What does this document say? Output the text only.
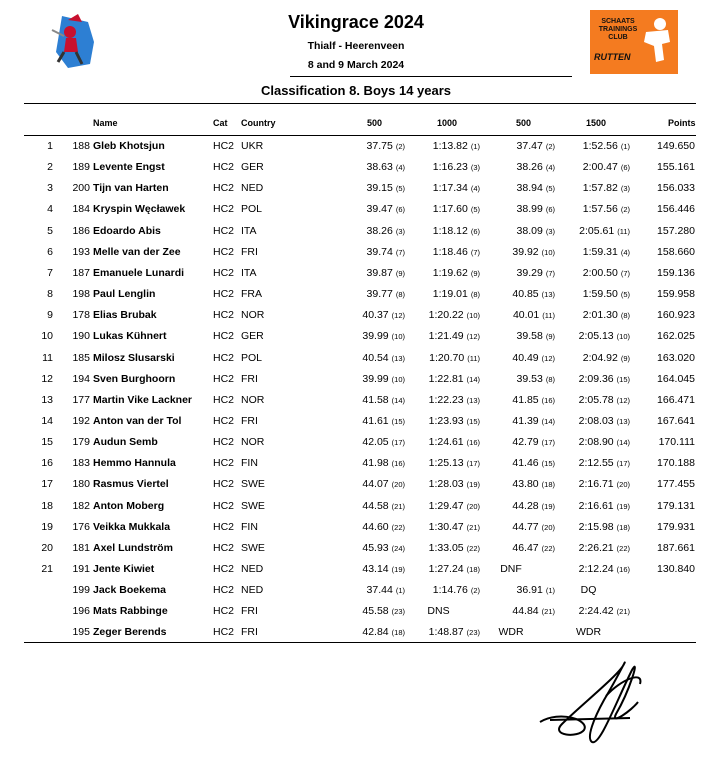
VIKING
RACE
2024
SCHAATS
TRAININGS
CLUB
RUTTEN
Vikingrace 2024
Thialf - Heerenveen
8 and 9 March 2024
Classification 8. Boys 14 years
Name	Cat Country	500	1000	500	1500	Points
1	188 Gleb Khotsjun	HC2 UKR	37.75 (2)	1:13.82 (1)	37.47 (2)	1:52.56 (1)	149.650
2	189 Levente Engst	HC2 GER	38.63 (4)	1:16.23 (3)	38.26 (4)	2:00.47 (6)	155.161
3	200 Tijn van Harten	HC2 NED	39.15 (5)	1:17.34 (4)	38.94 (5)	1:57.82 (3)	156.033
4	184 Kryspin Węcławek	HC2 POL	39.47 (6)	1:17.60 (5)	38.99 (6)	1:57.56 (2)	156.446
5	186 Edoardo Abis	HC2 ITA	38.26 (3)	1:18.12 (6)	38.09 (3)	2:05.61 (11)	157.280
6	193 Melle van der Zee	HC2 FRI	39.74 (7)	1:18.46 (7)	39.92 (10)	1:59.31 (4)	158.660
7	187 Emanuele Lunardi	HC2 ITA	39.87 (9)	1:19.62 (9)	39.29 (7)	2:00.50 (7)	159.136
8	198 Paul Lenglin	HC2 FRA	39.77 (8)	1:19.01 (8)	40.85 (13)	1:59.50 (5)	159.958
9	178 Elias Brubak	HC2 NOR	40.37 (12)	1:20.22 (10)	40.01 (11)	2:01.30 (8)	160.923
10	190 Lukas Kühnert	HC2 GER	39.99 (10)	1:21.49 (12)	39.58 (9)	2:05.13 (10)	162.025
11	185 Milosz Slusarski	HC2 POL	40.54 (13)	1:20.70 (11)	40.49 (12)	2:04.92 (9)	163.020
12	194 Sven Burghoorn	HC2 FRI	39.99 (10)	1:22.81 (14)	39.53 (8)	2:09.36 (15)	164.045
13	177 Martin Vike Lackner HC2 NOR	41.58 (14)	1:22.23 (13)	41.85 (16)	2:05.78 (12)	166.471
14	192 Anton van der Tol	HC2 FRI	41.61 (15)	1:23.93 (15)	41.39 (14)	2:08.03 (13)	167.641
15	179 Audun Semb	HC2 NOR	42.05 (17)	1:24.61 (16)	42.79 (17)	2:08.90 (14)	170.111
16	183 Hemmo Hannula	HC2 FIN	41.98 (16)	1:25.13 (17)	41.46 (15)	2:12.55 (17)	170.188
17	180 Rasmus Viertel	HC2 SWE	44.07 (20)	1:28.03 (19)	43.80 (18)	2:16.71 (20)	177.455
18	182 Anton Moberg	HC2 SWE	44.58 (21)	1:29.47 (20)	44.28 (19)	2:16.61 (19)	179.131
19	176 Veikka Mukkala	HC2 FIN	44.60 (22)	1:30.47 (21)	44.77 (20)	2:15.98 (18)	179.931
20	181 Axel Lundström	HC2 SWE	45.93 (24)	1:33.05 (22)	46.47 (22)	2:26.21 (22)	187.661
21	191 Jente Kiwiet	HC2 NED	43.14 (19)	1:27.24 (18)	DNF	2:12.24 (16)	130.840
199 Jack Boekema	HC2 NED	37.44 (1)	1:14.76 (2)	36.91 (1)	DQ
196 Mats Rabbinge	HC2 FRI	45.58 (23)	DNS	44.84 (21)	2:24.42 (21)
195 Zeger Berends	HC2 FRI	42.84 (18)	1:48.87 (23)	WDR	WDR
